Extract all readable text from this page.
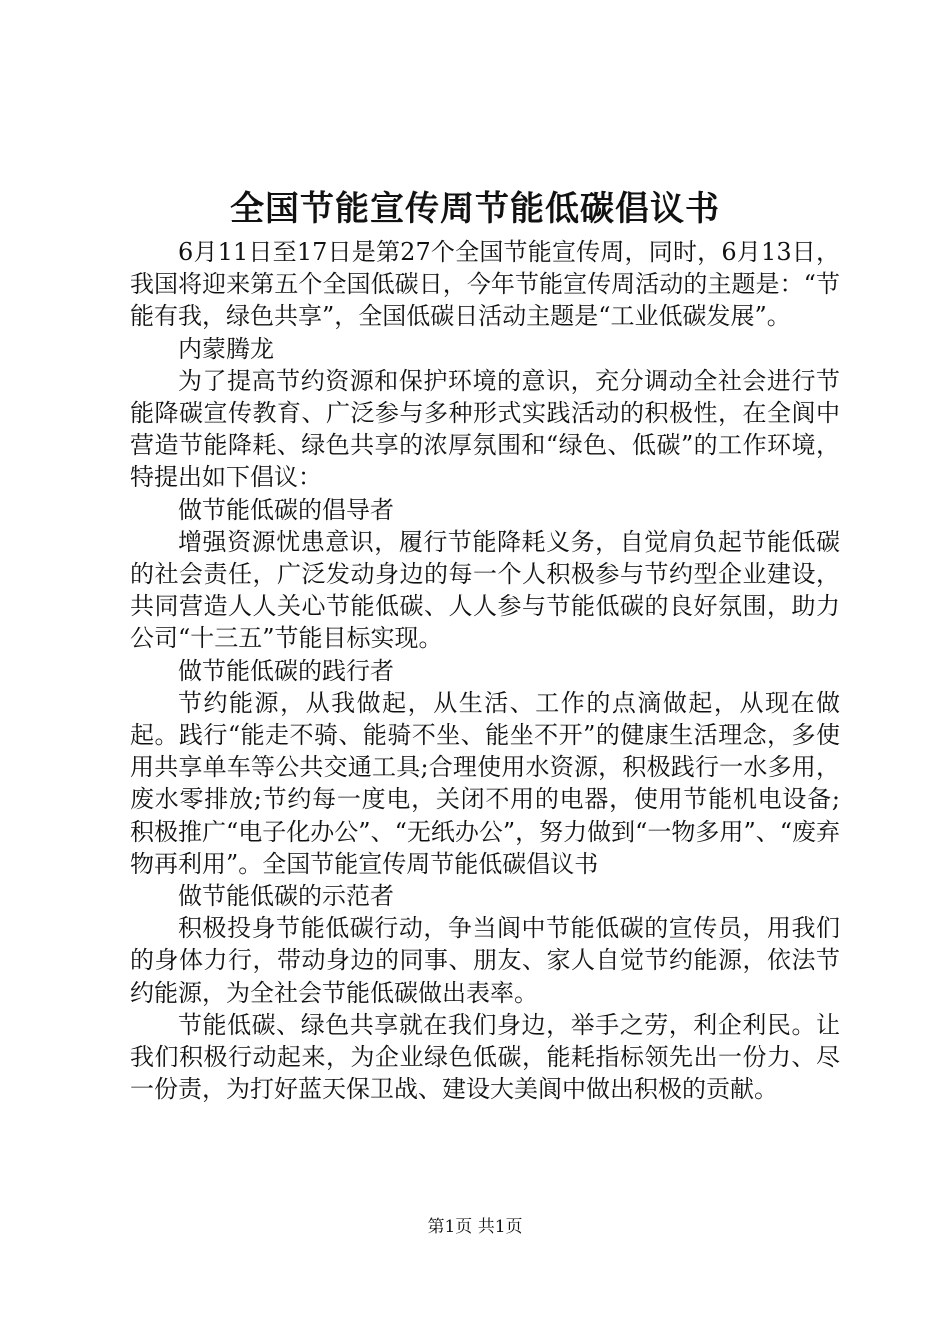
全国节能宣传周节能低碳倡议书

6月11日至17日是第27个全国节能宣传周，同时，6月13日，我国将迎来第五个全国低碳日，今年节能宣传周活动的主题是：“节能有我，绿色共享”，全国低碳日活动主题是“工业低碳发展”。

内蒙腾龙

为了提高节约资源和保护环境的意识，充分调动全社会进行节能降碳宣传教育、广泛参与多种形式实践活动的积极性，在全阆中营造节能降耗、绿色共享的浓厚氛围和“绿色、低碳”的工作环境，特提出如下倡议：

做节能低碳的倡导者

增强资源忧患意识，履行节能降耗义务，自觉肩负起节能低碳的社会责任，广泛发动身边的每一个人积极参与节约型企业建设，共同营造人人关心节能低碳、人人参与节能低碳的良好氛围，助力公司“十三五”节能目标实现。

做节能低碳的践行者

节约能源，从我做起，从生活、工作的点滴做起，从现在做起。践行“能走不骑、能骑不坐、能坐不开”的健康生活理念，多使用共享单车等公共交通工具;合理使用水资源，积极践行一水多用，废水零排放;节约每一度电，关闭不用的电器，使用节能机电设备;积极推广“电子化办公”、“无纸办公”，努力做到“一物多用”、“废弃物再利用”。全国节能宣传周节能低碳倡议书

做节能低碳的示范者

积极投身节能低碳行动，争当阆中节能低碳的宣传员，用我们的身体力行，带动身边的同事、朋友、家人自觉节约能源，依法节约能源，为全社会节能低碳做出表率。

节能低碳、绿色共享就在我们身边，举手之劳，利企利民。让我们积极行动起来，为企业绿色低碳，能耗指标领先出一份力、尽一份责，为打好蓝天保卫战、建设大美阆中做出积极的贡献。

第1页 共1页
